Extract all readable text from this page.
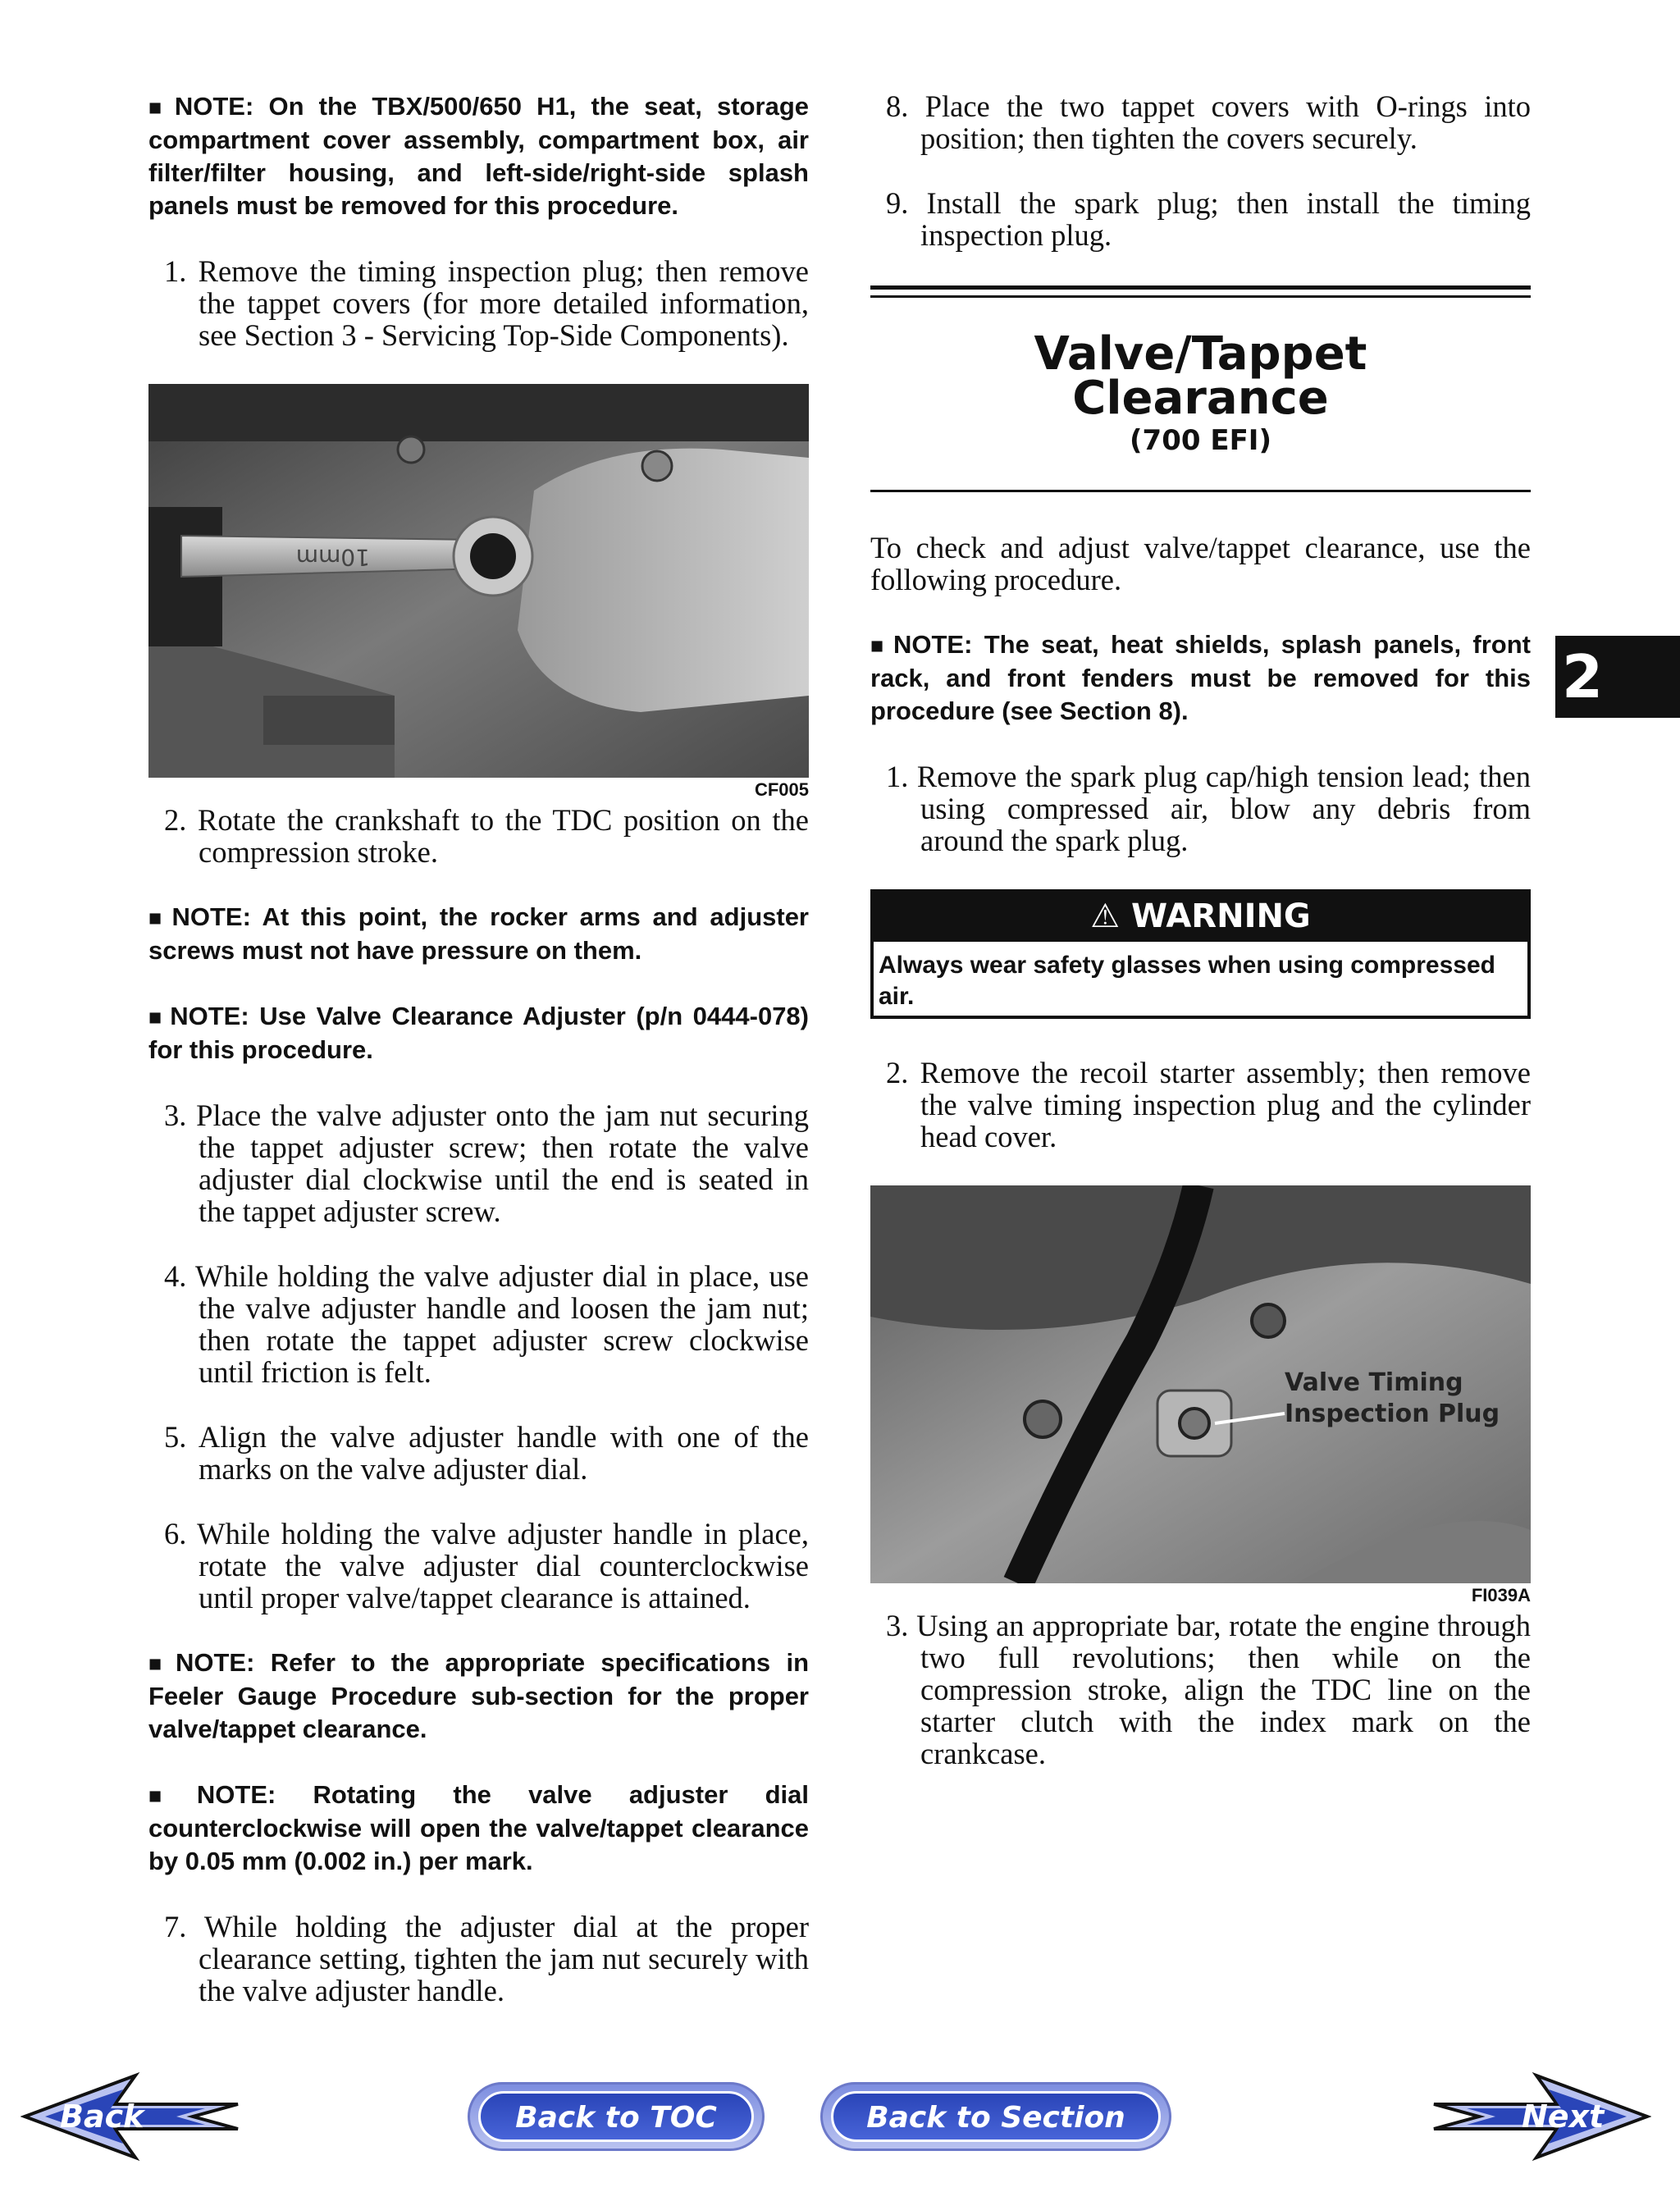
■ NOTE: On the TBX/500/650 H1, the seat, storage compartment cover assembly, compartment box, air filter/filter housing, and left-side/right-side splash panels must be removed for this procedure.

1. Remove the timing inspection plug; then remove the tappet covers (for more detailed information, see Section 3 - Servicing Top-Side Components).

10mm
CF005

2. Rotate the crankshaft to the TDC position on the compression stroke.

■ NOTE: At this point, the rocker arms and adjuster screws must not have pressure on them.

■ NOTE: Use Valve Clearance Adjuster (p/n 0444-078) for this procedure.

3. Place the valve adjuster onto the jam nut securing the tappet adjuster screw; then rotate the valve adjuster dial clockwise until the end is seated in the tappet adjuster screw.

4. While holding the valve adjuster dial in place, use the valve adjuster handle and loosen the jam nut; then rotate the tappet adjuster screw clockwise until friction is felt.

5. Align the valve adjuster handle with one of the marks on the valve adjuster dial.

6. While holding the valve adjuster handle in place, rotate the valve adjuster dial counterclockwise until proper valve/tappet clearance is attained.

■ NOTE: Refer to the appropriate specifications in Feeler Gauge Procedure sub-section for the proper valve/tappet clearance.

■ NOTE: Rotating the valve adjuster dial counterclockwise will open the valve/tappet clearance by 0.05 mm (0.002 in.) per mark.

7. While holding the adjuster dial at the proper clearance setting, tighten the jam nut securely with the valve adjuster handle.

8. Place the two tappet covers with O-rings into position; then tighten the covers securely.

9. Install the spark plug; then install the timing inspection plug.

Valve/Tappet
Clearance
(700 EFI)

To check and adjust valve/tappet clearance, use the following procedure.

■ NOTE: The seat, heat shields, splash panels, front rack, and front fenders must be removed for this procedure (see Section 8).

1. Remove the spark plug cap/high tension lead; then using compressed air, blow any debris from around the spark plug.

⚠ WARNING
Always wear safety glasses when using compressed air.

2. Remove the recoil starter assembly; then remove the valve timing inspection plug and the cylinder head cover.

Valve Timing
Inspection Plug
FI039A

3. Using an appropriate bar, rotate the engine through two full revolutions; then while on the compression stroke, align the TDC line on the starter clutch with the index mark on the crankcase.

2
Back	Back to TOC	Back to Section TOC
Next
